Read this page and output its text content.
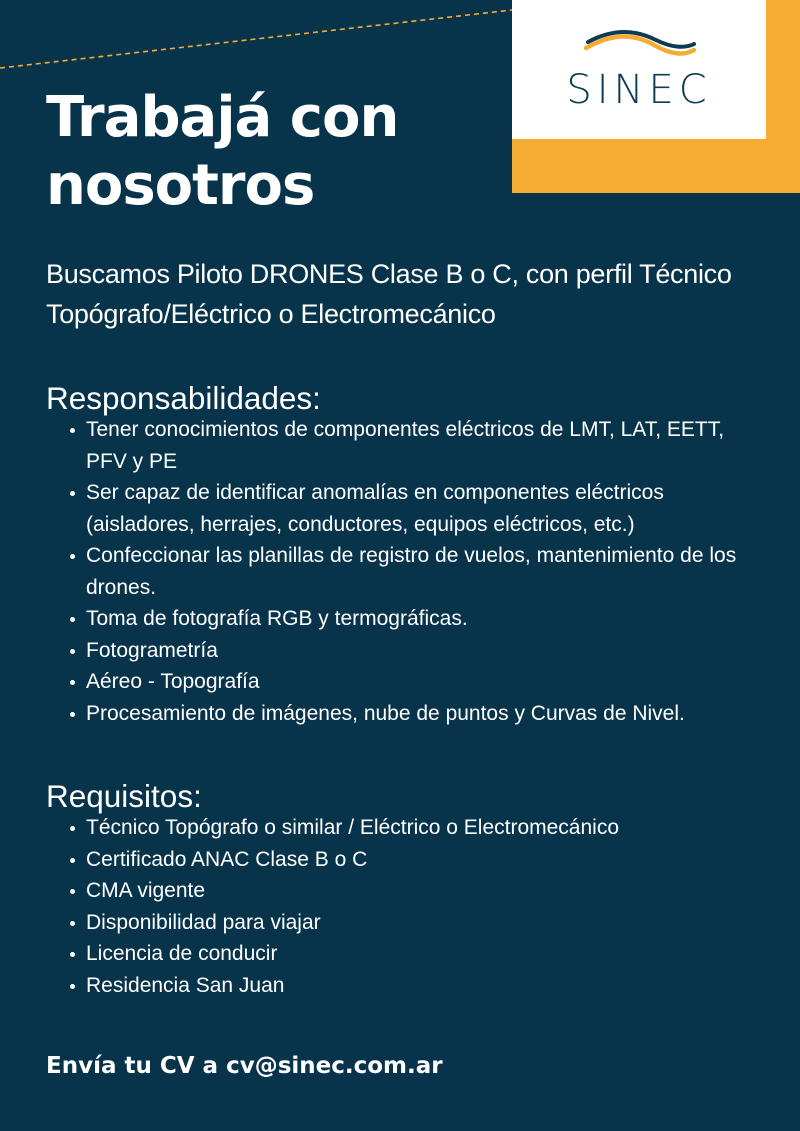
SINEC
Trabajá con nosotros

Buscamos Piloto DRONES Clase B o C, con perfil Técnico Topógrafo/Eléctrico o Electromecánico

Responsabilidades:
Tener conocimientos de componentes eléctricos de LMT, LAT, EETT, PFV y PE
Ser capaz de identificar anomalías en componentes eléctricos (aisladores, herrajes, conductores, equipos eléctricos, etc.)
Confeccionar las planillas de registro de vuelos, mantenimiento de los drones.
Toma de fotografía RGB y termográficas.
Fotogrametría
Aéreo - Topografía
Procesamiento de imágenes, nube de puntos y Curvas de Nivel.
Requisitos:
Técnico Topógrafo o similar / Eléctrico o Electromecánico
Certificado ANAC Clase B o C
CMA vigente
Disponibilidad para viajar
Licencia de conducir
Residencia San Juan

Envía tu CV a cv@sinec.com.ar
